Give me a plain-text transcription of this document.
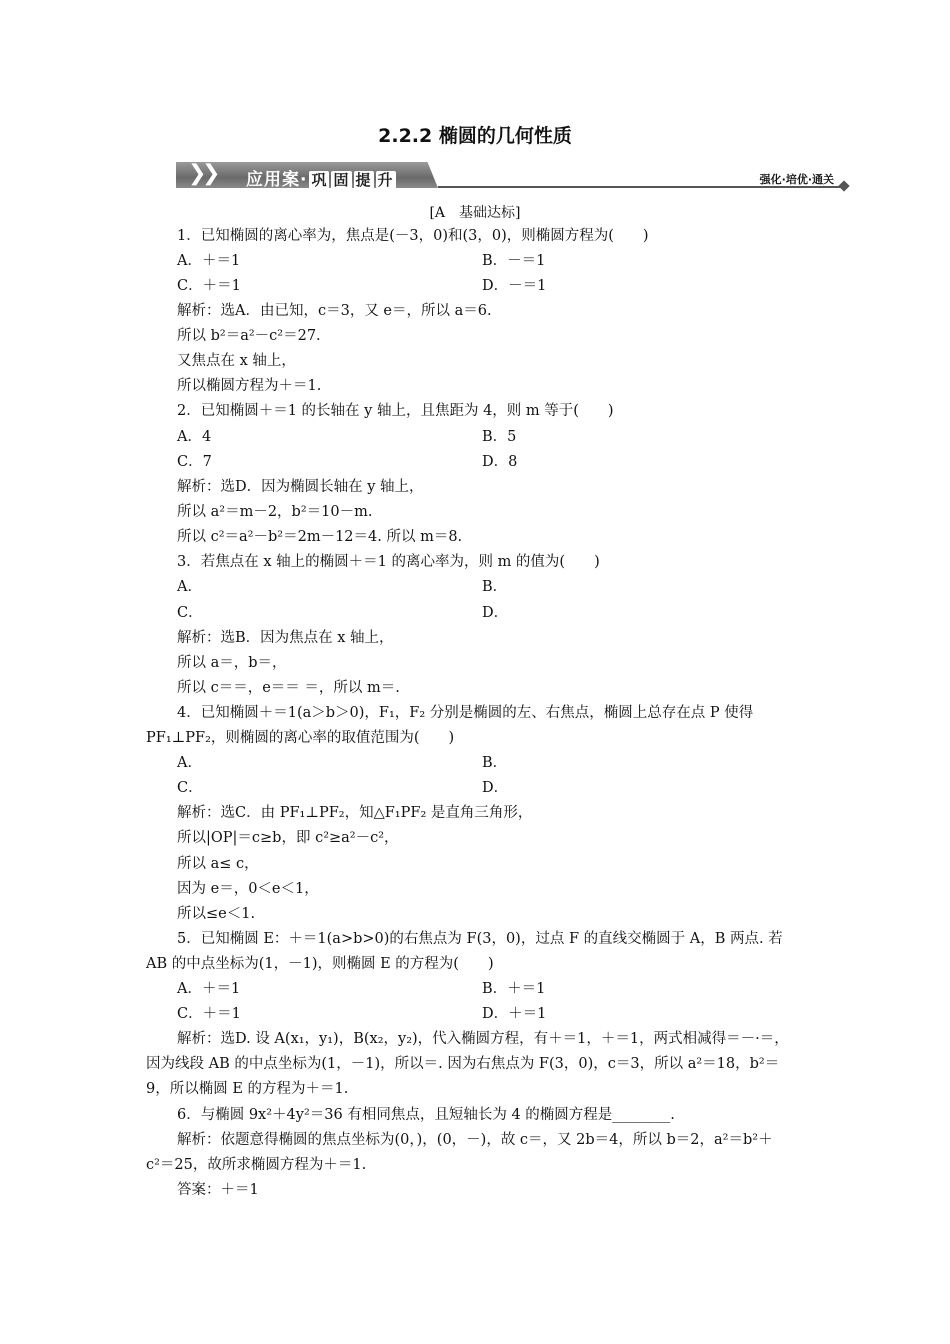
2.2.2 椭圆的几何性质
❯
❯ 应用案· 巩 固 提 升	强化·培优·通关
[A　基础达标]
1．已知椭圆的离心率为，焦点是(－3，0)和(3，0)，则椭圆方程为(　　)
A．＋＝1	B．－＝1
C．＋＝1	D．－＝1
解析：选A．由已知，c＝3，又 e＝，所以 a＝6.
所以 b²＝a²－c²＝27.
又焦点在 x 轴上，
所以椭圆方程为＋＝1.
2．已知椭圆＋＝1 的长轴在 y 轴上，且焦距为 4，则 m 等于(　　)
A．4	B．5
C．7	D．8
解析：选D．因为椭圆长轴在 y 轴上，
所以 a²＝m－2，b²＝10－m.
所以 c²＝a²－b²＝2m－12＝4. 所以 m＝8.
3．若焦点在 x 轴上的椭圆＋＝1 的离心率为，则 m 的值为(　　)
A．	B．
C．	D．
解析：选B．因为焦点在 x 轴上，
所以 a＝，b＝，
所以 c＝＝，e＝＝ ＝，所以 m＝.
4．已知椭圆＋＝1(a＞b＞0)，F₁，F₂ 分别是椭圆的左、右焦点，椭圆上总存在点 P 使得
PF₁⊥PF₂，则椭圆的离心率的取值范围为(　　)
A．	B．
C．	D．
解析：选C．由 PF₁⊥PF₂，知△F₁PF₂ 是直角三角形，
所以|OP|＝c≥b，即 c²≥a²－c²，
所以 a≤ c，
因为 e＝，0＜e＜1，
所以≤e＜1.
5．已知椭圆 E：＋＝1(a>b>0)的右焦点为 F(3，0)，过点 F 的直线交椭圆于 A，B 两点. 若
AB 的中点坐标为(1，－1)，则椭圆 E 的方程为(　　)
A．＋＝1	B．＋＝1
C．＋＝1	D．＋＝1
解析：选D. 设 A(x₁，y₁)，B(x₂，y₂)，代入椭圆方程，有＋＝1，＋＝1，两式相减得＝－·＝，
因为线段 AB 的中点坐标为(1，－1)，所以＝. 因为右焦点为 F(3，0)，c＝3，所以 a²＝18，b²＝
9，所以椭圆 E 的方程为＋＝1.
6．与椭圆 9x²＋4y²＝36 有相同焦点，且短轴长为 4 的椭圆方程是________.
解析：依题意得椭圆的焦点坐标为(0，)，(0，－)，故 c＝，又 2b＝4，所以 b＝2，a²＝b²＋
c²＝25，故所求椭圆方程为＋＝1.
答案：＋＝1
